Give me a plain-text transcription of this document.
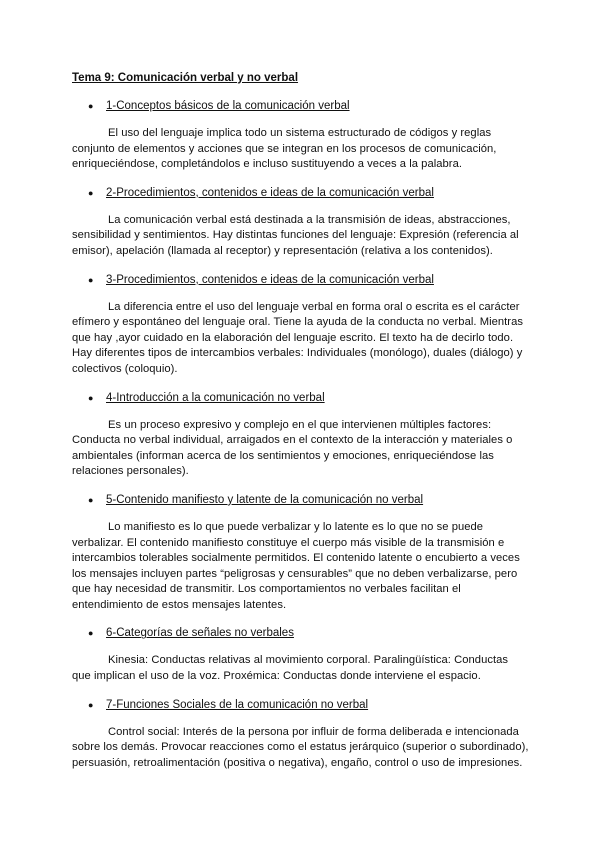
Tema 9: Comunicación verbal y no verbal
●	1-Conceptos básicos de la comunicación verbal

El uso del lenguaje implica todo un sistema estructurado de códigos y reglas conjunto de elementos y acciones que se integran en los procesos de comunicación, enriqueciéndose, completándolos e incluso sustituyendo a veces a la palabra.

●	2-Procedimientos, contenidos e ideas de la comunicación verbal

La comunicación verbal está destinada a la transmisión de ideas, abstracciones, sensibilidad y sentimientos. Hay distintas funciones del lenguaje: Expresión (referencia al emisor), apelación (llamada al receptor) y representación (relativa a los contenidos).

●	3-Procedimientos, contenidos e ideas de la comunicación verbal

La diferencia entre el uso del lenguaje verbal en forma oral o escrita es el carácter efímero y espontáneo del lenguaje oral. Tiene la ayuda de la conducta no verbal. Mientras que hay ,ayor cuidado en la elaboración del lenguaje escrito. El texto ha de decirlo todo. Hay diferentes tipos de intercambios verbales: Individuales (monólogo), duales (diálogo) y colectivos (coloquio).

●	4-Introducción a la comunicación no verbal

Es un proceso expresivo y complejo en el que intervienen múltiples factores: Conducta no verbal individual, arraigados en el contexto de la interacción y materiales o ambientales (informan acerca de los sentimientos y emociones, enriqueciéndose las relaciones personales).

●	5-Contenido manifiesto y latente de la comunicación no verbal

Lo manifiesto es lo que puede verbalizar y lo latente es lo que no se puede verbalizar. El contenido manifiesto constituye el cuerpo más visible de la transmisión e intercambios tolerables socialmente permitidos. El contenido latente o encubierto a veces los mensajes incluyen partes “peligrosas y censurables” que no deben verbalizarse, pero que hay necesidad de transmitir. Los comportamientos no verbales facilitan el entendimiento de estos mensajes latentes.

●	6-Categorías de señales no verbales

Kinesia: Conductas relativas al movimiento corporal. Paralingüística: Conductas que implican el uso de la voz. Proxémica: Conductas donde interviene el espacio.

●	7-Funciones Sociales de la comunicación no verbal

Control social: Interés de la persona por influir de forma deliberada e intencionada sobre los demás. Provocar reacciones como el estatus jerárquico (superior o subordinado), persuasión, retroalimentación (positiva o negativa), engaño, control o uso de impresiones.
